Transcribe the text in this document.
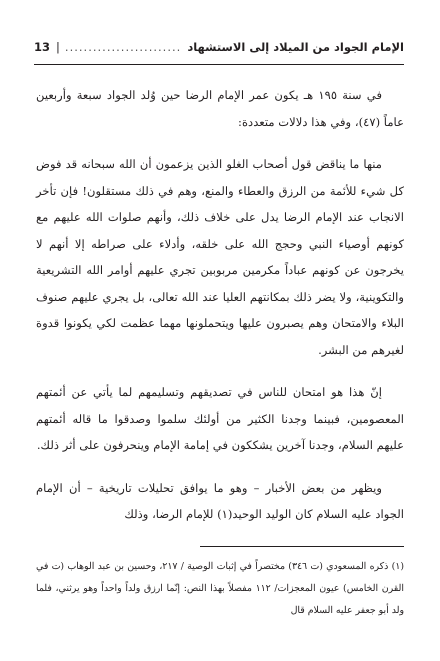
الإمام الجواد من الميلاد إلى الاستشهاد
.....
|
13

في سنة ١٩٥ هـ يكون عمر الإمام الرضا حين وُلد الجواد سبعة وأربعين عاماً (٤٧)، وفي هذا دلالات متعددة:

منها ما يناقض قول أصحاب الغلو الذين يزعمون أن الله سبحانه قد فوض كل شيء للأئمة من الرزق والعطاء والمنع، وهم في ذلك مستقلون! فإن تأخر الانجاب عند الإمام الرضا يدل على خلاف ذلك، وأنهم صلوات الله عليهم مع كونهم أوصياء النبي وحجج الله على خلقه، وأدلاء على صراطه إلا أنهم لا يخرجون عن كونهم عباداً مكرمين مربوبين تجري عليهم أوامر الله التشريعية والتكوينية، ولا يضر ذلك بمكانتهم العليا عند الله تعالى، بل يجري عليهم صنوف البلاء والامتحان وهم يصبرون عليها ويتحملونها مهما عظمت لكي يكونوا قدوة لغيرهم من البشر.

إنّ هذا هو امتحان للناس في تصديقهم وتسليمهم لما يأتي عن أئمتهم المعصومين، فبينما وجدنا الكثير من أولئك سلموا وصدقوا ما قاله أئمتهم عليهم السلام، وجدنا آخرين يشككون في إمامة الإمام وينحرفون على أثر ذلك.

ويظهر من بعض الأخبار – وهو ما يوافق تحليلات تاريخية – أن الإمام الجواد عليه السلام كان الوليد الوحيد(١) للإمام الرضا، وذلك

(١) ذكره المسعودي (ت ٣٤٦) مختصراً في إثبات الوصية / ٢١٧، وحسين بن عبد الوهاب (ت في القرن الخامس) عيون المعجزات/ ١١٢ مفصلاً بهذا النص: إنّما ارزق ولداً واحداً وهو يرثني، فلما ولد أبو جعفر عليه السلام قال
